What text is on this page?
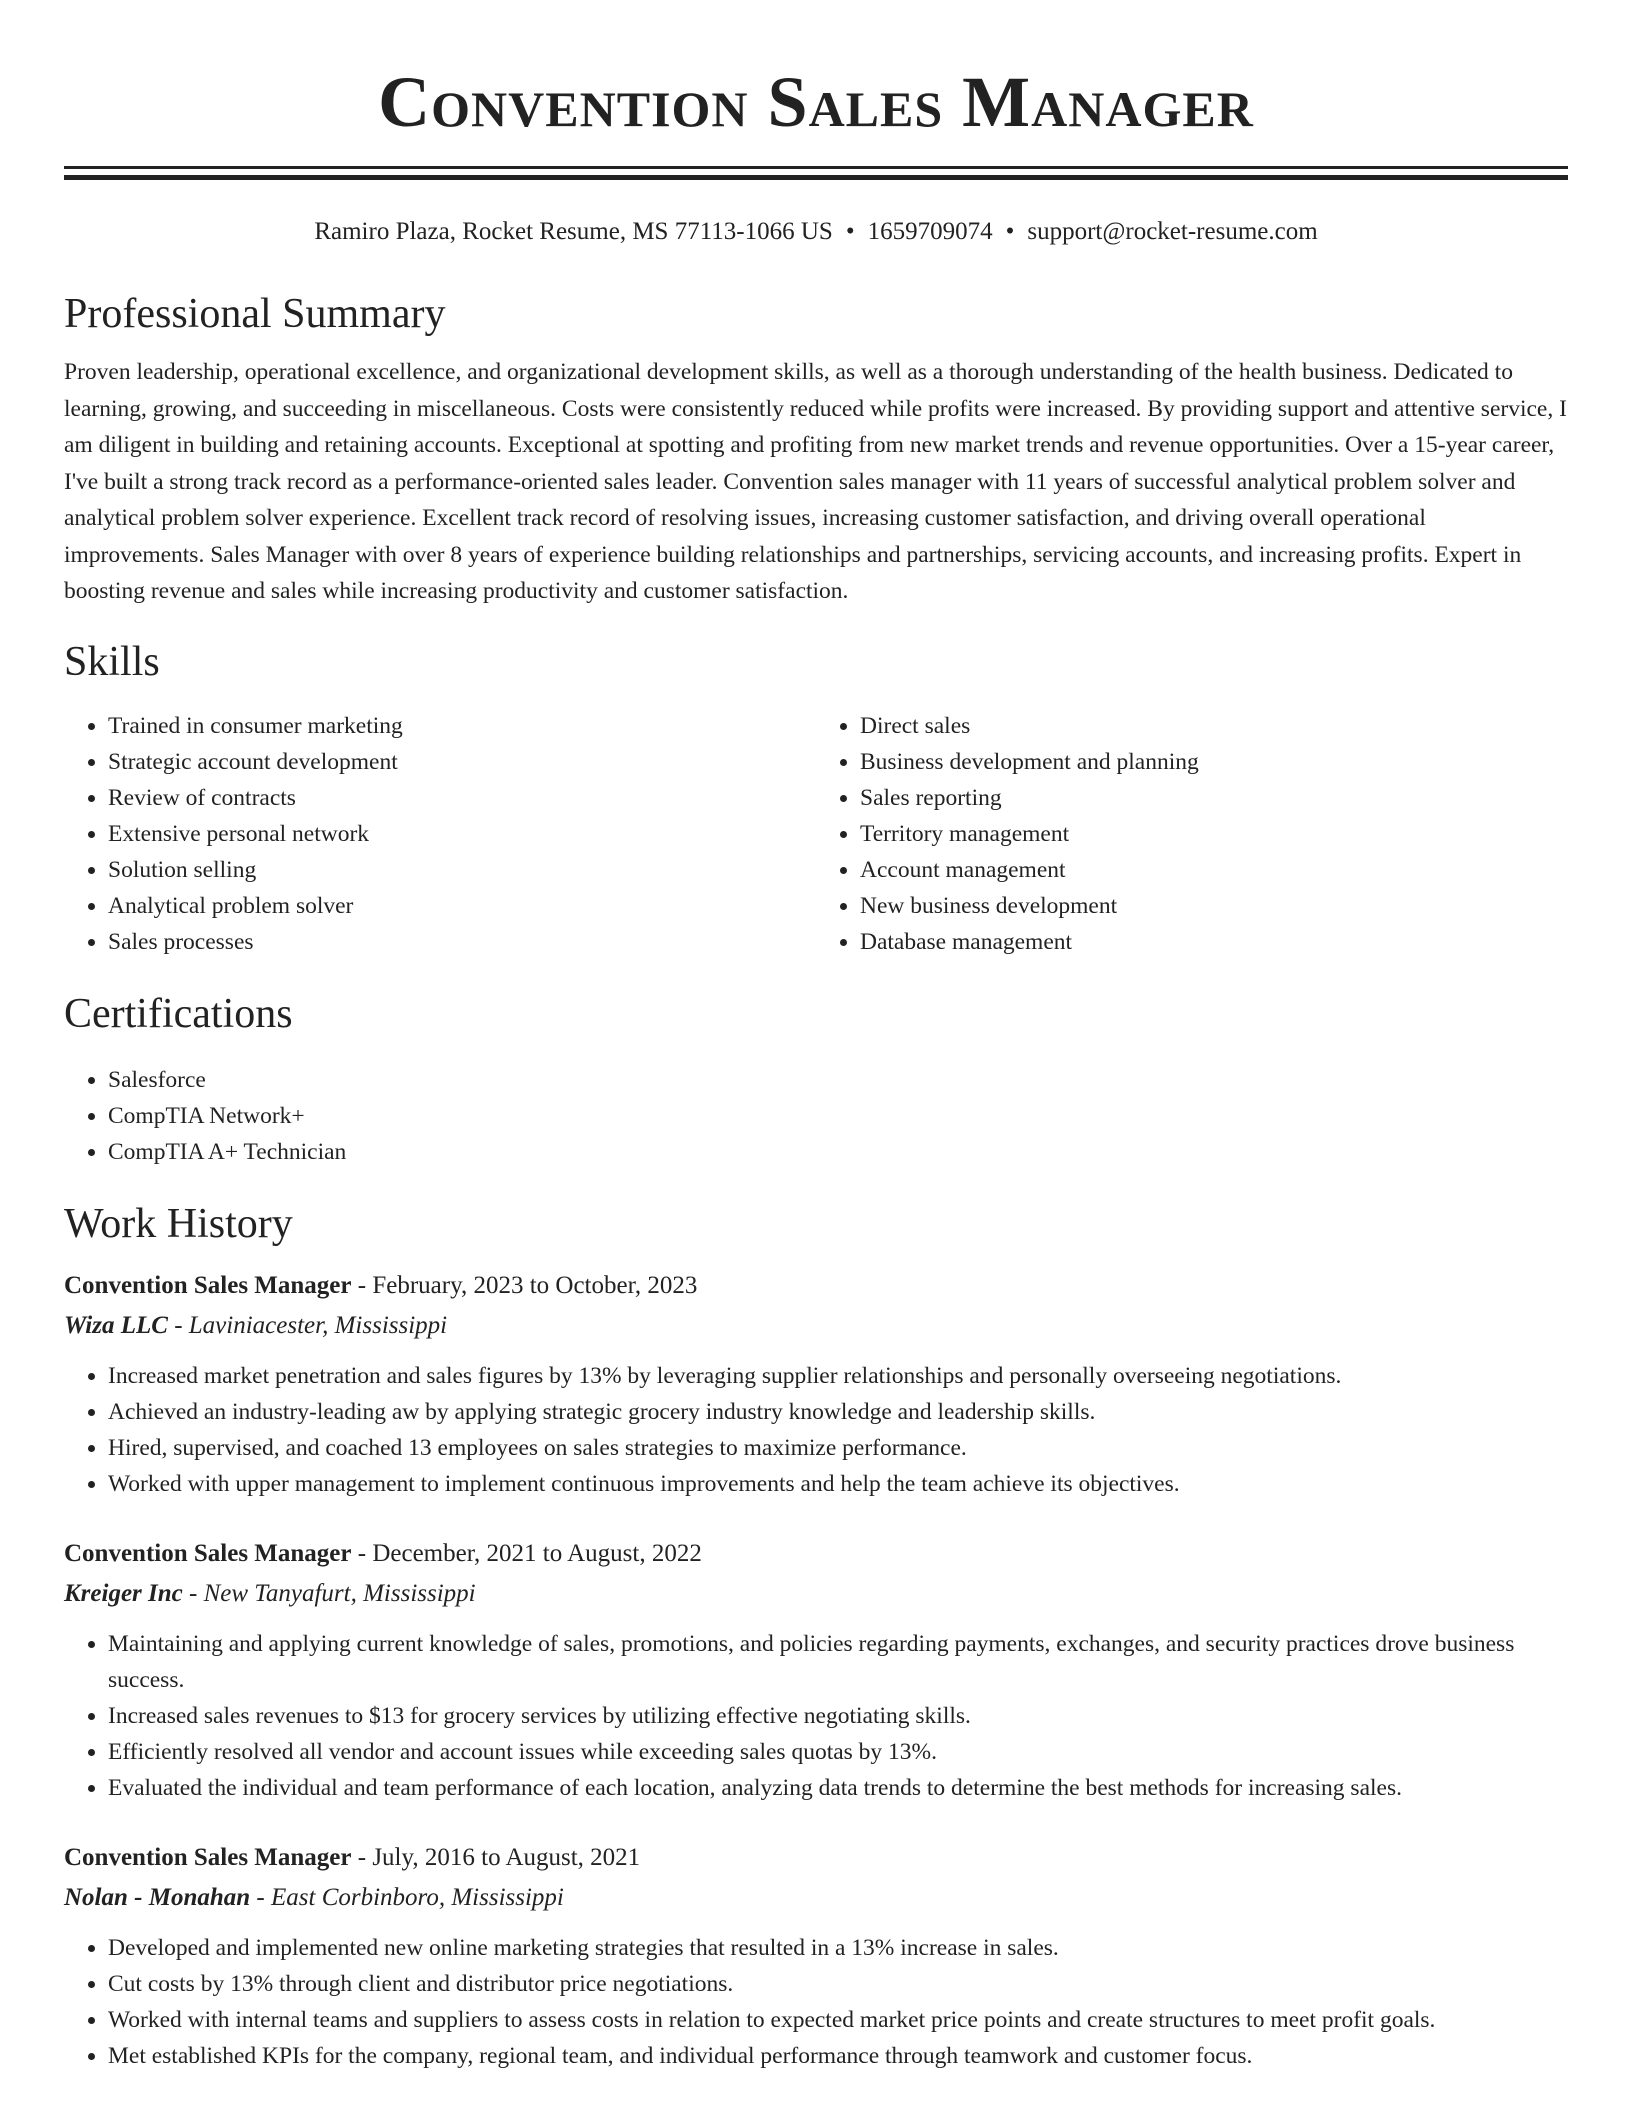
Convention Sales Manager
Ramiro Plaza, Rocket Resume, MS 77113-1066 US • 1659709074 • support@rocket-resume.com
Professional Summary

Proven leadership, operational excellence, and organizational development skills, as well as a thorough understanding of the health business. Dedicated to learning, growing, and succeeding in miscellaneous. Costs were consistently reduced while profits were increased. By providing support and attentive service, I am diligent in building and retaining accounts. Exceptional at spotting and profiting from new market trends and revenue opportunities. Over a 15-year career, I've built a strong track record as a performance-oriented sales leader. Convention sales manager with 11 years of successful analytical problem solver and analytical problem solver experience. Excellent track record of resolving issues, increasing customer satisfaction, and driving overall operational improvements. Sales Manager with over 8 years of experience building relationships and partnerships, servicing accounts, and increasing profits. Expert in boosting revenue and sales while increasing productivity and customer satisfaction.

Skills
• Trained in consumer marketing
• Strategic account development
• Review of contracts
• Extensive personal network
• Solution selling
• Analytical problem solver
• Sales processes
• Direct sales
• Business development and planning
• Sales reporting
• Territory management
• Account management
• New business development
• Database management
Certifications
• Salesforce
• CompTIA Network+
• CompTIA A+ Technician
Work History
Convention Sales Manager - February, 2023 to October, 2023
Wiza LLC - Laviniacester, Mississippi
• Increased market penetration and sales figures by 13% by leveraging supplier relationships and personally overseeing negotiations.
• Achieved an industry-leading aw by applying strategic grocery industry knowledge and leadership skills.
• Hired, supervised, and coached 13 employees on sales strategies to maximize performance.
• Worked with upper management to implement continuous improvements and help the team achieve its objectives.
Convention Sales Manager - December, 2021 to August, 2022
Kreiger Inc - New Tanyafurt, Mississippi
• Maintaining and applying current knowledge of sales, promotions, and policies regarding payments, exchanges, and security practices drove business success.
• Increased sales revenues to $13 for grocery services by utilizing effective negotiating skills.
• Efficiently resolved all vendor and account issues while exceeding sales quotas by 13%.
• Evaluated the individual and team performance of each location, analyzing data trends to determine the best methods for increasing sales.
Convention Sales Manager - July, 2016 to August, 2021
Nolan - Monahan - East Corbinboro, Mississippi
• Developed and implemented new online marketing strategies that resulted in a 13% increase in sales.
• Cut costs by 13% through client and distributor price negotiations.
• Worked with internal teams and suppliers to assess costs in relation to expected market price points and create structures to meet profit goals.
• Met established KPIs for the company, regional team, and individual performance through teamwork and customer focus.
